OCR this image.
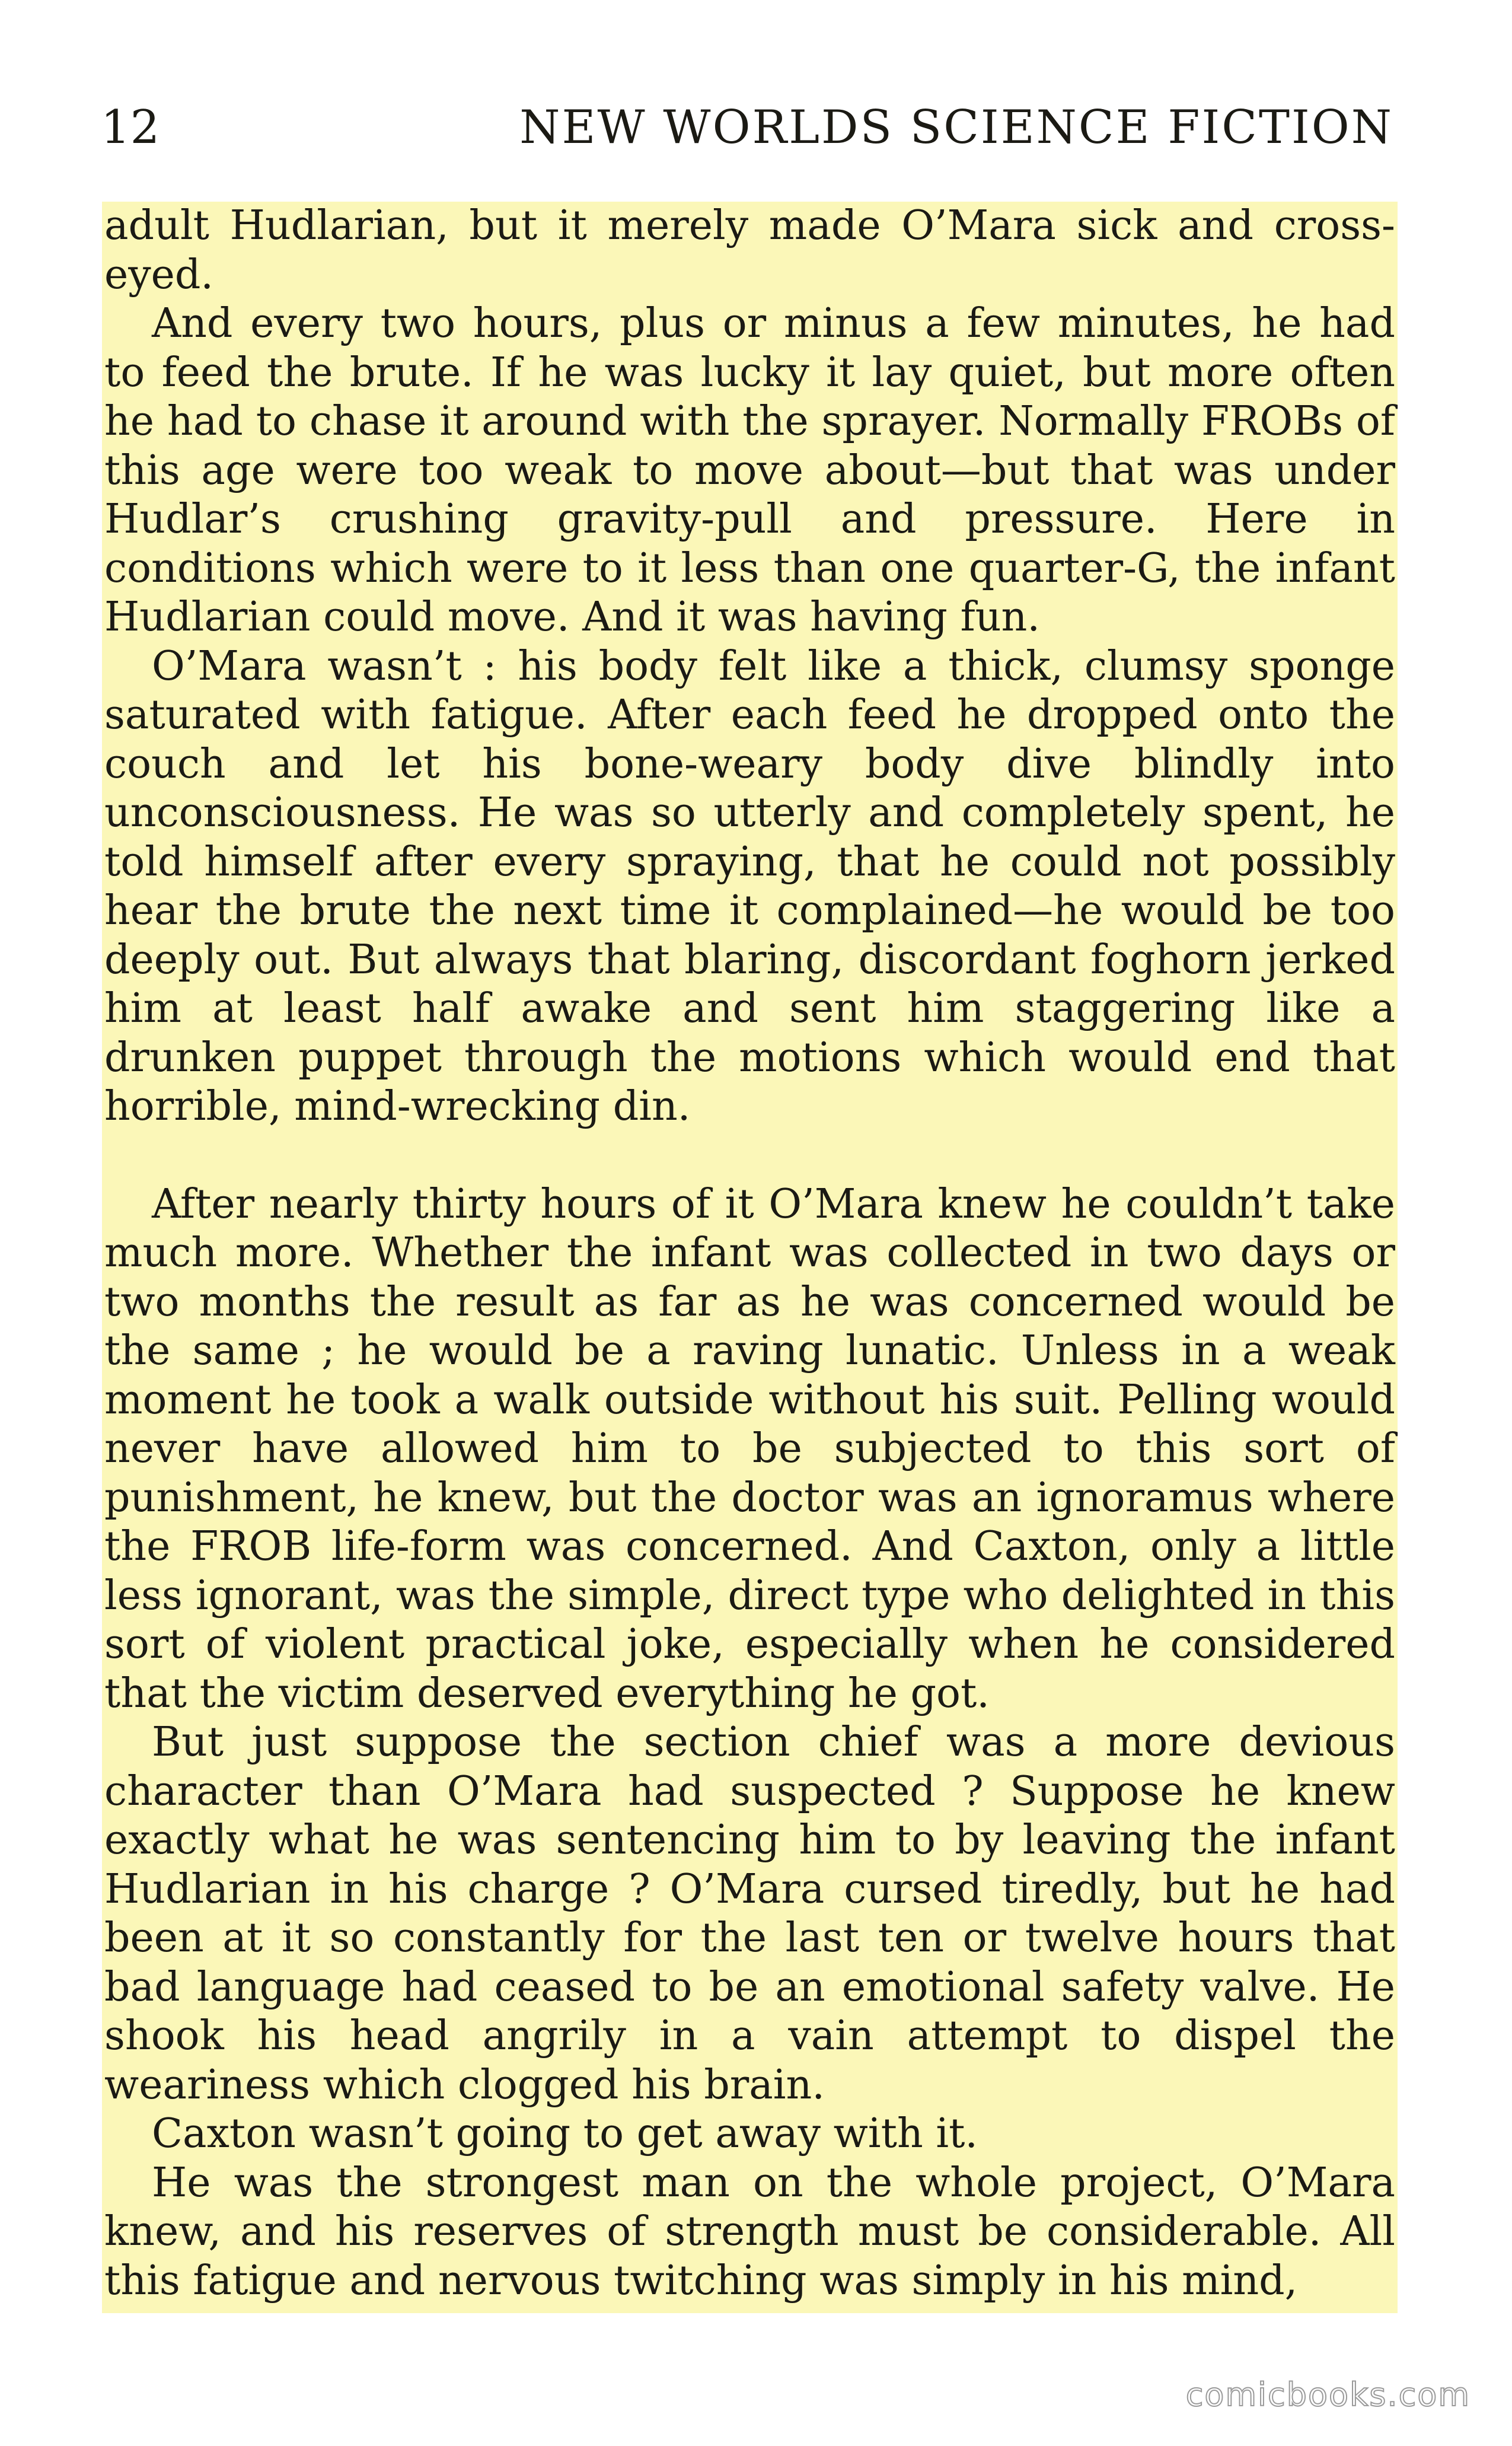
12	NEW WORLDS SCIENCE FICTION

adult Hudlarian, but it merely made O’Mara sick and cross-eyed.

And every two hours, plus or minus a few minutes, he had to feed the brute. If he was lucky it lay quiet, but more often he had to chase it around with the sprayer. Normally FROBs of this age were too weak to move about—but that was under Hudlar’s crushing gravity-pull and pressure. Here in conditions which were to it less than one quarter-G, the infant Hudlarian could move. And it was having fun.

O’Mara wasn’t : his body felt like a thick, clumsy sponge saturated with fatigue. After each feed he dropped onto the couch and let his bone-weary body dive blindly into unconsciousness. He was so utterly and completely spent, he told himself after every spraying, that he could not possibly hear the brute the next time it complained—he would be too deeply out. But always that blaring, discordant foghorn jerked him at least half awake and sent him staggering like a drunken puppet through the motions which would end that horrible, mind-wrecking din.

After nearly thirty hours of it O’Mara knew he couldn’t take much more. Whether the infant was collected in two days or two months the result as far as he was concerned would be the same ; he would be a raving lunatic. Unless in a weak moment he took a walk outside without his suit. Pelling would never have allowed him to be subjected to this sort of punishment, he knew, but the doctor was an ignoramus where the FROB life-form was concerned. And Caxton, only a little less ignorant, was the simple, direct type who delighted in this sort of violent practical joke, especially when he considered that the victim deserved everything he got.

But just suppose the section chief was a more devious character than O’Mara had suspected ? Suppose he knew exactly what he was sentencing him to by leaving the infant Hudlarian in his charge ? O’Mara cursed tiredly, but he had been at it so constantly for the last ten or twelve hours that bad language had ceased to be an emotional safety valve. He shook his head angrily in a vain attempt to dispel the weariness which clogged his brain.

Caxton wasn’t going to get away with it.

He was the strongest man on the whole project, O’Mara knew, and his reserves of strength must be considerable. All this fatigue and nervous twitching was simply in his mind,

comicbooks.com
